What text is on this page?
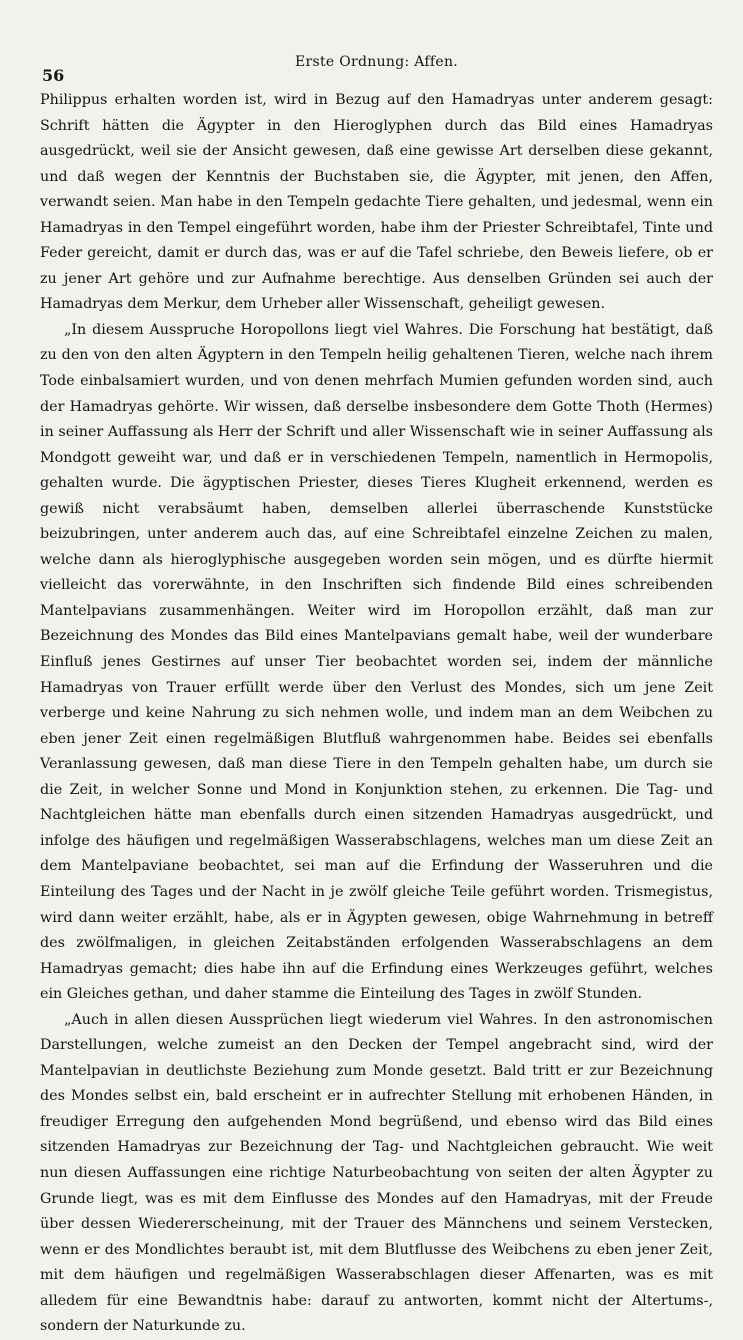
56
Erste Ordnung: Affen.

Philippus erhalten worden ist, wird in Bezug auf den Hamadryas unter anderem gesagt: Schrift hätten die Ägypter in den Hieroglyphen durch das Bild eines Hamadryas ausgedrückt, weil sie der Ansicht gewesen, daß eine gewisse Art derselben diese gekannt, und daß wegen der Kenntnis der Buchstaben sie, die Ägypter, mit jenen, den Affen, verwandt seien. Man habe in den Tempeln gedachte Tiere gehalten, und jedesmal, wenn ein Hamadryas in den Tempel eingeführt worden, habe ihm der Priester Schreibtafel, Tinte und Feder gereicht, damit er durch das, was er auf die Tafel schriebe, den Beweis liefere, ob er zu jener Art gehöre und zur Aufnahme berechtige. Aus denselben Gründen sei auch der Hamadryas dem Merkur, dem Urheber aller Wissenschaft, geheiligt gewesen.

„In diesem Ausspruche Horopollons liegt viel Wahres. Die Forschung hat bestätigt, daß zu den von den alten Ägyptern in den Tempeln heilig gehaltenen Tieren, welche nach ihrem Tode einbalsamiert wurden, und von denen mehrfach Mumien gefunden worden sind, auch der Hamadryas gehörte. Wir wissen, daß derselbe insbesondere dem Gotte Thoth (Hermes) in seiner Auffassung als Herr der Schrift und aller Wissenschaft wie in seiner Auffassung als Mondgott geweiht war, und daß er in verschiedenen Tempeln, namentlich in Hermopolis, gehalten wurde. Die ägyptischen Priester, dieses Tieres Klugheit erkennend, werden es gewiß nicht verabsäumt haben, demselben allerlei überraschende Kunststücke beizubringen, unter anderem auch das, auf eine Schreibtafel einzelne Zeichen zu malen, welche dann als hieroglyphische ausgegeben worden sein mögen, und es dürfte hiermit vielleicht das vorerwähnte, in den Inschriften sich findende Bild eines schreibenden Mantelpavians zusammenhängen. Weiter wird im Horopollon erzählt, daß man zur Bezeichnung des Mondes das Bild eines Mantelpavians gemalt habe, weil der wunderbare Einfluß jenes Gestirnes auf unser Tier beobachtet worden sei, indem der männliche Hamadryas von Trauer erfüllt werde über den Verlust des Mondes, sich um jene Zeit verberge und keine Nahrung zu sich nehmen wolle, und indem man an dem Weibchen zu eben jener Zeit einen regelmäßigen Blutfluß wahrgenommen habe. Beides sei ebenfalls Veranlassung gewesen, daß man diese Tiere in den Tempeln gehalten habe, um durch sie die Zeit, in welcher Sonne und Mond in Konjunktion stehen, zu erkennen. Die Tag- und Nachtgleichen hätte man ebenfalls durch einen sitzenden Hamadryas ausgedrückt, und infolge des häufigen und regelmäßigen Wasserabschlagens, welches man um diese Zeit an dem Mantelpaviane beobachtet, sei man auf die Erfindung der Wasseruhren und die Einteilung des Tages und der Nacht in je zwölf gleiche Teile geführt worden. Trismegistus, wird dann weiter erzählt, habe, als er in Ägypten gewesen, obige Wahrnehmung in betreff des zwölfmaligen, in gleichen Zeitabständen erfolgenden Wasserabschlagens an dem Hamadryas gemacht; dies habe ihn auf die Erfindung eines Werkzeuges geführt, welches ein Gleiches gethan, und daher stamme die Einteilung des Tages in zwölf Stunden.

„Auch in allen diesen Aussprüchen liegt wiederum viel Wahres. In den astronomischen Darstellungen, welche zumeist an den Decken der Tempel angebracht sind, wird der Mantelpavian in deutlichste Beziehung zum Monde gesetzt. Bald tritt er zur Bezeichnung des Mondes selbst ein, bald erscheint er in aufrechter Stellung mit erhobenen Händen, in freudiger Erregung den aufgehenden Mond begrüßend, und ebenso wird das Bild eines sitzenden Hamadryas zur Bezeichnung der Tag- und Nachtgleichen gebraucht. Wie weit nun diesen Auffassungen eine richtige Naturbeobachtung von seiten der alten Ägypter zu Grunde liegt, was es mit dem Einflusse des Mondes auf den Hamadryas, mit der Freude über dessen Wiedererscheinung, mit der Trauer des Männchens und seinem Verstecken, wenn er des Mondlichtes beraubt ist, mit dem Blutflusse des Weibchens zu eben jener Zeit, mit dem häufigen und regelmäßigen Wasserabschlagen dieser Affenarten, was es mit alledem für eine Bewandtnis habe: darauf zu antworten, kommt nicht der Altertums-, sondern der Naturkunde zu.
